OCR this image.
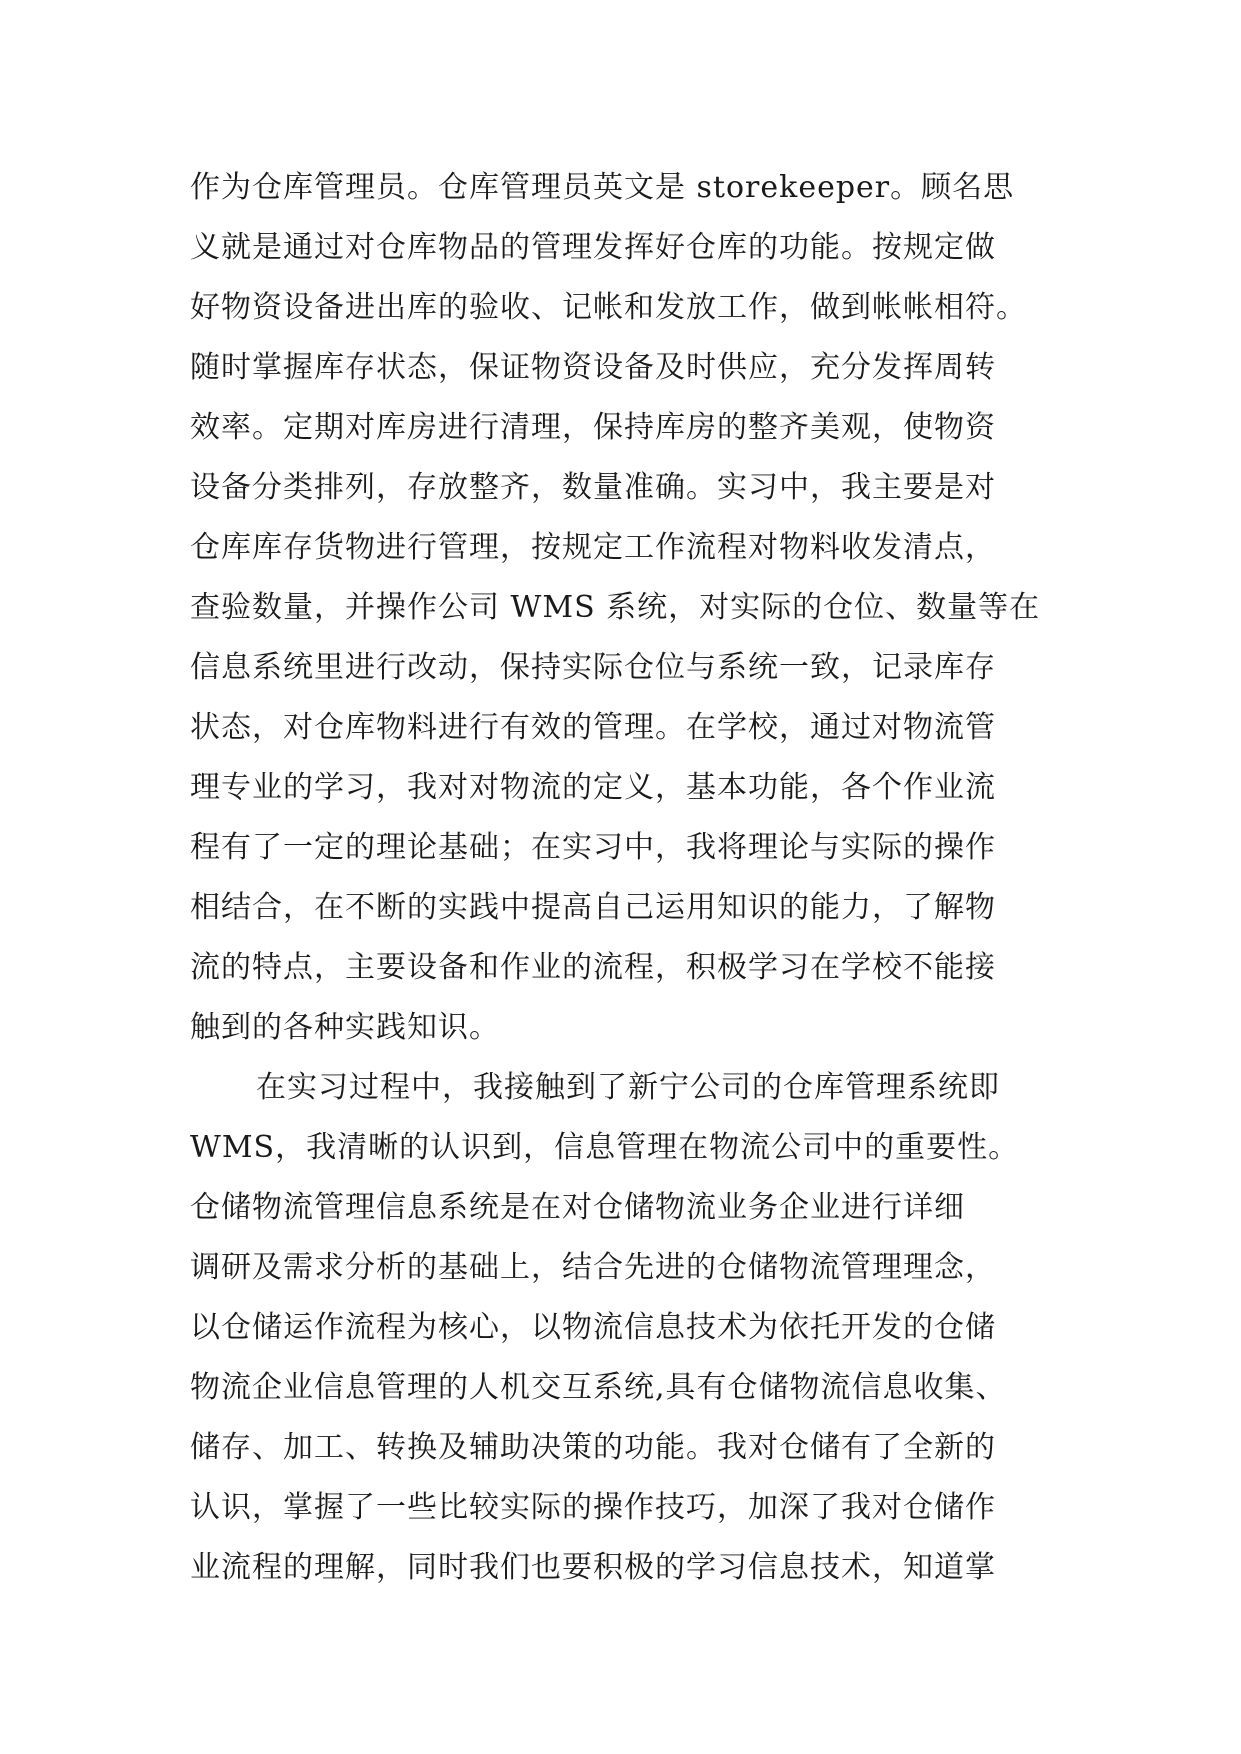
作为仓库管理员。仓库管理员英文是 storekeeper。顾名思
义就是通过对仓库物品的管理发挥好仓库的功能。按规定做
好物资设备进出库的验收、记帐和发放工作，做到帐帐相符。
随时掌握库存状态，保证物资设备及时供应，充分发挥周转
效率。定期对库房进行清理，保持库房的整齐美观，使物资
设备分类排列，存放整齐，数量准确。实习中，我主要是对
仓库库存货物进行管理，按规定工作流程对物料收发清点，
查验数量，并操作公司 WMS 系统，对实际的仓位、数量等在
信息系统里进行改动，保持实际仓位与系统一致，记录库存
状态，对仓库物料进行有效的管理。在学校，通过对物流管
理专业的学习，我对对物流的定义，基本功能，各个作业流
程有了一定的理论基础；在实习中，我将理论与实际的操作
相结合，在不断的实践中提高自己运用知识的能力，了解物
流的特点，主要设备和作业的流程，积极学习在学校不能接
触到的各种实践知识。
在实习过程中，我接触到了新宁公司的仓库管理系统即
WMS，我清晰的认识到，信息管理在物流公司中的重要性。
仓储物流管理信息系统是在对仓储物流业务企业进行详细
调研及需求分析的基础上，结合先进的仓储物流管理理念，
以仓储运作流程为核心，以物流信息技术为依托开发的仓储
物流企业信息管理的人机交互系统,具有仓储物流信息收集、
储存、加工、转换及辅助决策的功能。我对仓储有了全新的
认识，掌握了一些比较实际的操作技巧，加深了我对仓储作
业流程的理解，同时我们也要积极的学习信息技术，知道掌
